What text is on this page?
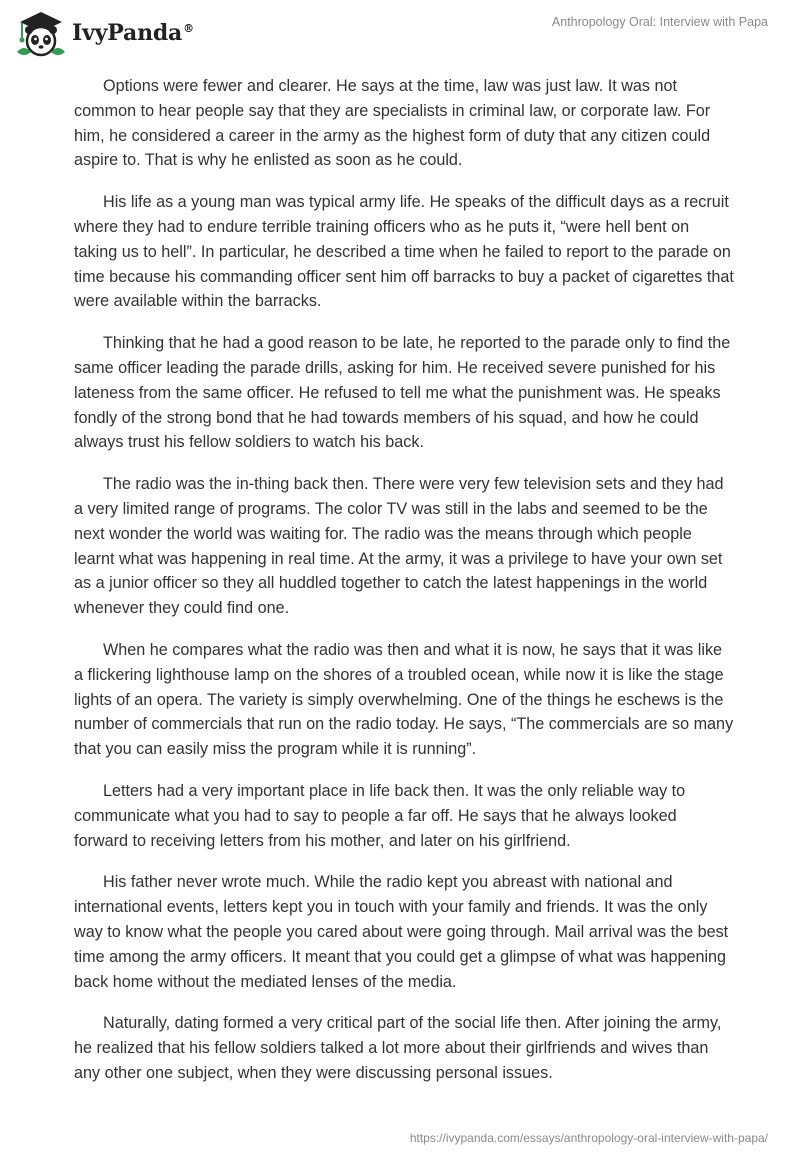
IvyPanda®	Anthropology Oral: Interview with Papa

Options were fewer and clearer. He says at the time, law was just law. It was not common to hear people say that they are specialists in criminal law, or corporate law. For him, he considered a career in the army as the highest form of duty that any citizen could aspire to. That is why he enlisted as soon as he could.

His life as a young man was typical army life. He speaks of the difficult days as a recruit where they had to endure terrible training officers who as he puts it, “were hell bent on taking us to hell”. In particular, he described a time when he failed to report to the parade on time because his commanding officer sent him off barracks to buy a packet of cigarettes that were available within the barracks.

Thinking that he had a good reason to be late, he reported to the parade only to find the same officer leading the parade drills, asking for him. He received severe punished for his lateness from the same officer. He refused to tell me what the punishment was. He speaks fondly of the strong bond that he had towards members of his squad, and how he could always trust his fellow soldiers to watch his back.

The radio was the in-thing back then. There were very few television sets and they had a very limited range of programs. The color TV was still in the labs and seemed to be the next wonder the world was waiting for. The radio was the means through which people learnt what was happening in real time. At the army, it was a privilege to have your own set as a junior officer so they all huddled together to catch the latest happenings in the world whenever they could find one.

When he compares what the radio was then and what it is now, he says that it was like a flickering lighthouse lamp on the shores of a troubled ocean, while now it is like the stage lights of an opera. The variety is simply overwhelming. One of the things he eschews is the number of commercials that run on the radio today. He says, “The commercials are so many that you can easily miss the program while it is running”.

Letters had a very important place in life back then. It was the only reliable way to communicate what you had to say to people a far off. He says that he always looked forward to receiving letters from his mother, and later on his girlfriend.

His father never wrote much. While the radio kept you abreast with national and international events, letters kept you in touch with your family and friends. It was the only way to know what the people you cared about were going through. Mail arrival was the best time among the army officers. It meant that you could get a glimpse of what was happening back home without the mediated lenses of the media.

Naturally, dating formed a very critical part of the social life then. After joining the army, he realized that his fellow soldiers talked a lot more about their girlfriends and wives than any other one subject, when they were discussing personal issues.

https://ivypanda.com/essays/anthropology-oral-interview-with-papa/
